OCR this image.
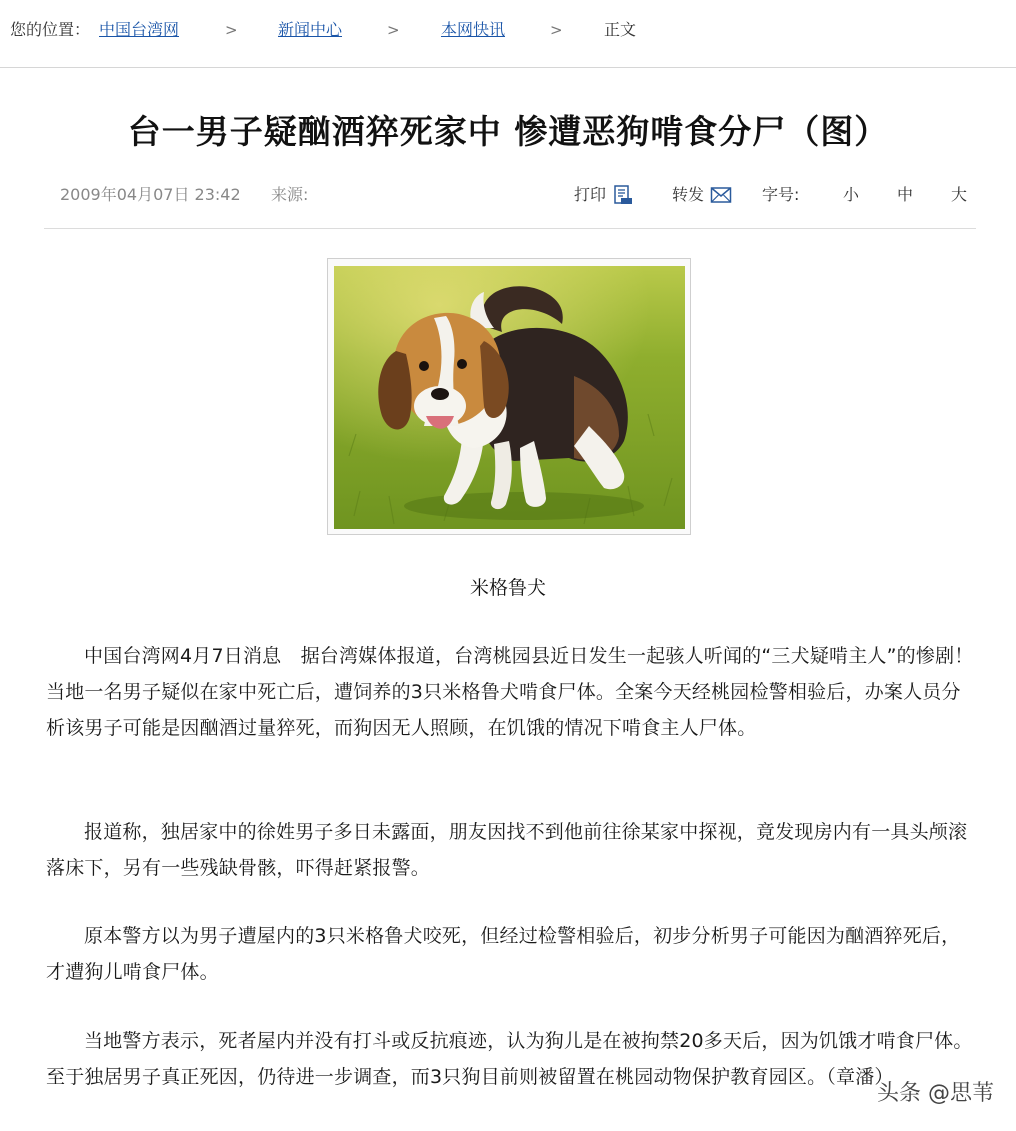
您的位置： 中国台湾网	>	新闻中心	>	本网快讯	>	正文
台一男子疑酗酒猝死家中 惨遭恶狗啃食分尸（图）
2009年04月07日 23:42 来源:	打印	转发	字号:	小 中 大
米格鲁犬

中国台湾网4月7日消息　据台湾媒体报道，台湾桃园县近日发生一起骇人听闻的“三犬疑啃主人”的惨剧！当地一名男子疑似在家中死亡后，遭饲养的3只米格鲁犬啃食尸体。全案今天经桃园检警相验后，办案人员分析该男子可能是因酗酒过量猝死，而狗因无人照顾，在饥饿的情况下啃食主人尸体。

报道称，独居家中的徐姓男子多日未露面，朋友因找不到他前往徐某家中探视，竟发现房内有一具头颅滚落床下，另有一些残缺骨骸，吓得赶紧报警。

原本警方以为男子遭屋内的3只米格鲁犬咬死，但经过检警相验后，初步分析男子可能因为酗酒猝死后，才遭狗儿啃食尸体。

当地警方表示，死者屋内并没有打斗或反抗痕迹，认为狗儿是在被拘禁20多天后，因为饥饿才啃食尸体。至于独居男子真正死因，仍待进一步调查，而3只狗目前则被留置在桃园动物保护教育园区。（章潘）

头条 @思苇
